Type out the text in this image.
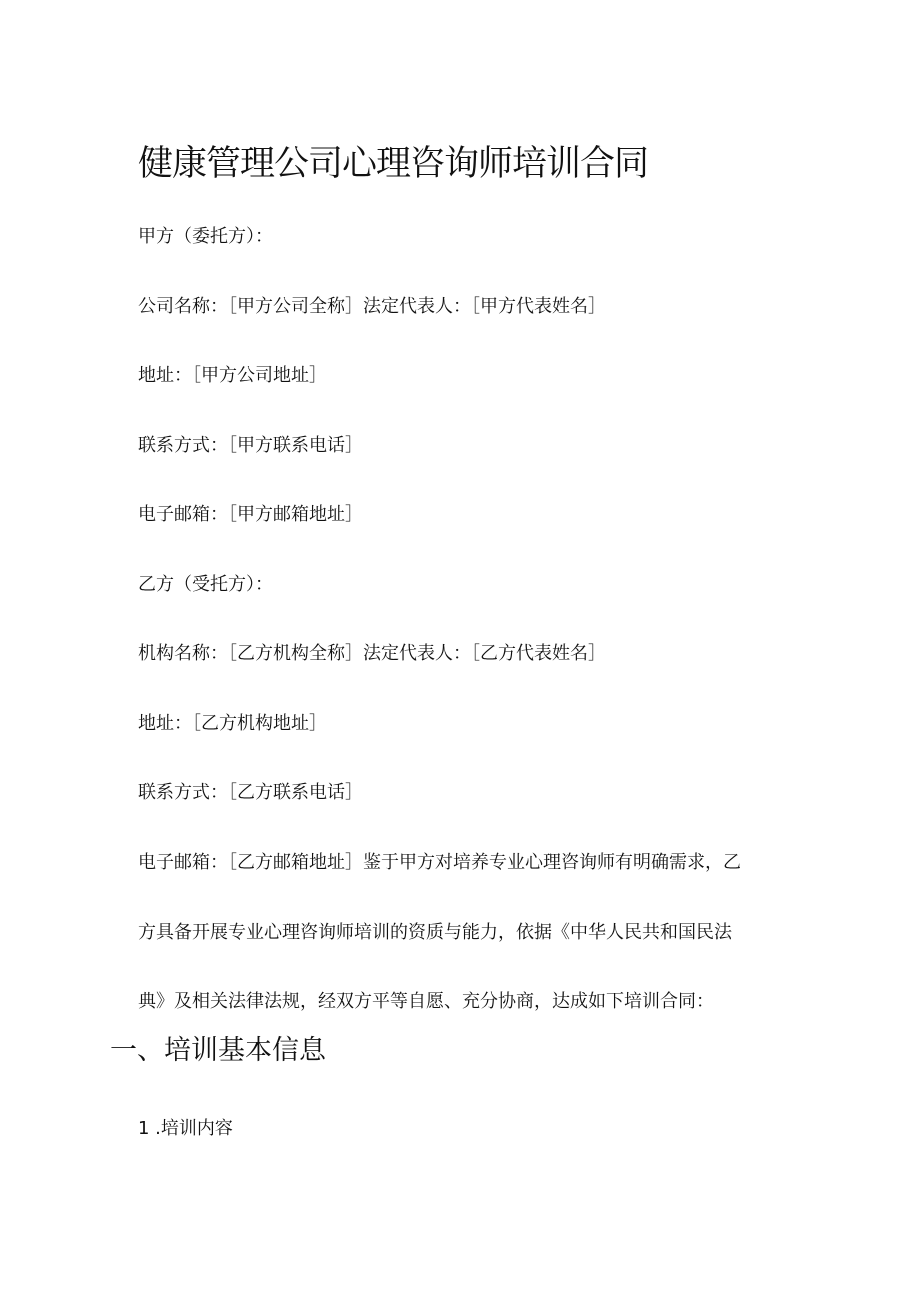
健康管理公司心理咨询师培训合同
甲方（委托方）：
公司名称：［甲方公司全称］法定代表人：［甲方代表姓名］
地址：［甲方公司地址］
联系方式：［甲方联系电话］
电子邮箱：［甲方邮箱地址］
乙方（受托方）：
机构名称：［乙方机构全称］法定代表人：［乙方代表姓名］
地址：［乙方机构地址］
联系方式：［乙方联系电话］
电子邮箱：［乙方邮箱地址］鉴于甲方对培养专业心理咨询师有明确需求，乙
方具备开展专业心理咨询师培训的资质与能力，依据《中华人民共和国民法
典》及相关法律法规，经双方平等自愿、充分协商，达成如下培训合同：
一、培训基本信息
1 .培训内容
